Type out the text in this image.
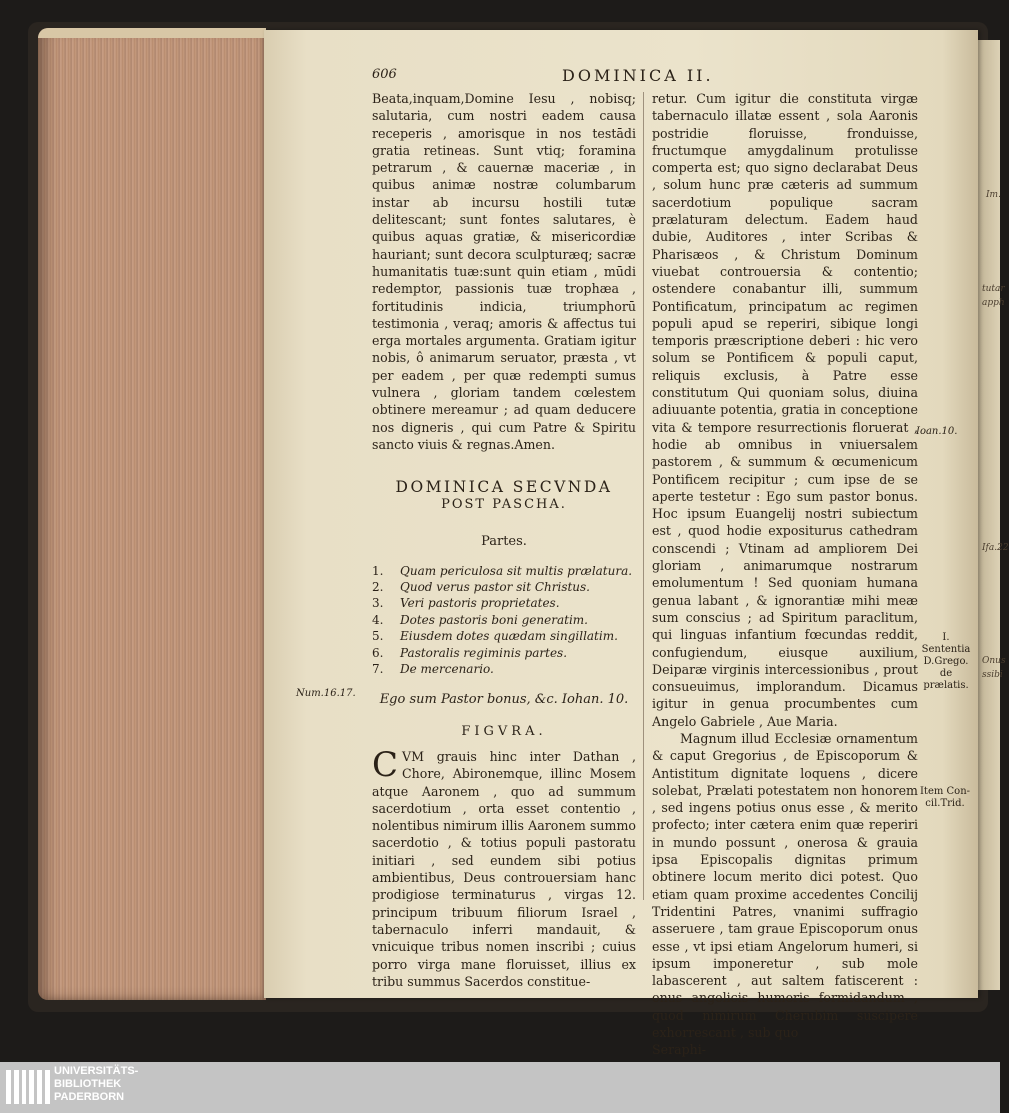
Im.
tutar
apph
Ifa.22
Onus
ssibi
606	DOMINICA II.

Beata,inquam,Domine Iesu , nobisq; salutaria, cum nostri eadem causa receperis , amorisque in nos testādi gratia retineas. Sunt vtiq; foramina petrarum , & cauernæ maceriæ , in quibus animæ nostræ columbarum instar ab incursu hostili tutæ delitescant; sunt fontes salutares, è quibus aquas gratiæ, & misericordiæ hauriant; sunt decora sculpturæq; sacræ humanitatis tuæ:sunt quin etiam , mūdi redemptor, passionis tuæ trophæa , fortitudinis indicia, triumphorū testimonia , veraq; amoris & affectus tui erga mortales argumenta. Gratiam igitur nobis, ô animarum seruator, præsta , vt per eadem , per quæ redempti sumus vulnera , gloriam tandem cœlestem obtinere mereamur ; ad quam deducere nos digneris , qui cum Patre & Spiritu sancto viuis & regnas.Amen.

DOMINICA SECVNDA
POST PASCHA.
Partes.
1.	Quam periculosa sit multis prælatura.
2.	Quod verus pastor sit Christus.
3.	Veri pastoris proprietates.
4.	Dotes pastoris boni generatim.
5.	Eiusdem dotes quædam singillatim.
6.	Pastoralis regiminis partes.
7.	De mercenario.
Ego sum Pastor bonus, &c. Iohan. 10.
FIGVRA.

CVM grauis hinc inter Dathan , Chore, Abironemque, illinc Mosem atque Aaronem , quo ad summum sacerdotium , orta esset contentio , nolentibus nimirum illis Aaronem summo sacerdotio , & totius populi pastoratu initiari , sed eundem sibi potius ambientibus, Deus controuersiam hanc prodigiose terminaturus , virgas 12. principum tribuum filiorum Israel , tabernaculo inferri mandauit, & vnicuique tribus nomen inscribi ; cuius porro virga mane floruisset, illius ex tribu summus Sacerdos constitue-

retur. Cum igitur die constituta virgæ tabernaculo illatæ essent , sola Aaronis postridie floruisse, fronduisse, fructumque amygdalinum protulisse comperta est; quo signo declarabat Deus , solum hunc præ cæteris ad summum sacerdotium populique sacram prælaturam delectum. Eadem haud dubie, Auditores , inter Scribas & Pharisæos , & Christum Dominum viuebat controuersia & contentio; ostendere conabantur illi, summum Pontificatum, principatum ac regimen populi apud se reperiri, sibique longi temporis præscriptione deberi : hic vero solum se Pontificem & populi caput, reliquis exclusis, à Patre esse constitutum Qui quoniam solus, diuina adiuuante potentia, gratia in conceptione vita & tempore resurrectionis floruerat , hodie ab omnibus in vniuersalem pastorem , & summum & œcumenicum Pontificem recipitur ; cum ipse de se aperte testetur : Ego sum pastor bonus. Hoc ipsum Euangelij nostri subiectum est , quod hodie expositurus cathedram conscendi ; Vtinam ad ampliorem Dei gloriam , animarumque nostrarum emolumentum ! Sed quoniam humana genua labant , & ignorantiæ mihi meæ sum conscius ; ad Spiritum paraclitum, qui linguas infantium fœcundas reddit, confugiendum, eiusque auxilium, Deiparæ virginis intercessionibus , prout consueuimus, implorandum. Dicamus igitur in genua procumbentes cum Angelo Gabriele , Aue Maria.

Magnum illud Ecclesiæ ornamentum & caput Gregorius , de Episcoporum & Antistitum dignitate loquens , dicere solebat, Prælati potestatem non honorem , sed ingens potius onus esse , & merito profecto; inter cætera enim quæ reperiri in mundo possunt , onerosa & grauia ipsa Episcopalis dignitas primum obtinere locum merito dici potest. Quo etiam quam proxime accedentes Concilij Tridentini Patres, vnanimi suffragio asseruere , tam graue Episcoporum onus esse , vt ipsi etiam Angelorum humeri, si ipsum imponeretur , sub mole labascerent , aut saltem fatiscerent : onus angelicis humeris formidandum , quod nimirum Cherubim suscipere exhorrescant , sub quo

Seraphi-

Num.16.17.
Ioan.10.
I.
Sententia
D.Grego.
de prælatis.
Item Con-
cil.Trid.
UNIVERSITÄTS-
BIBLIOTHEK
PADERBORN
